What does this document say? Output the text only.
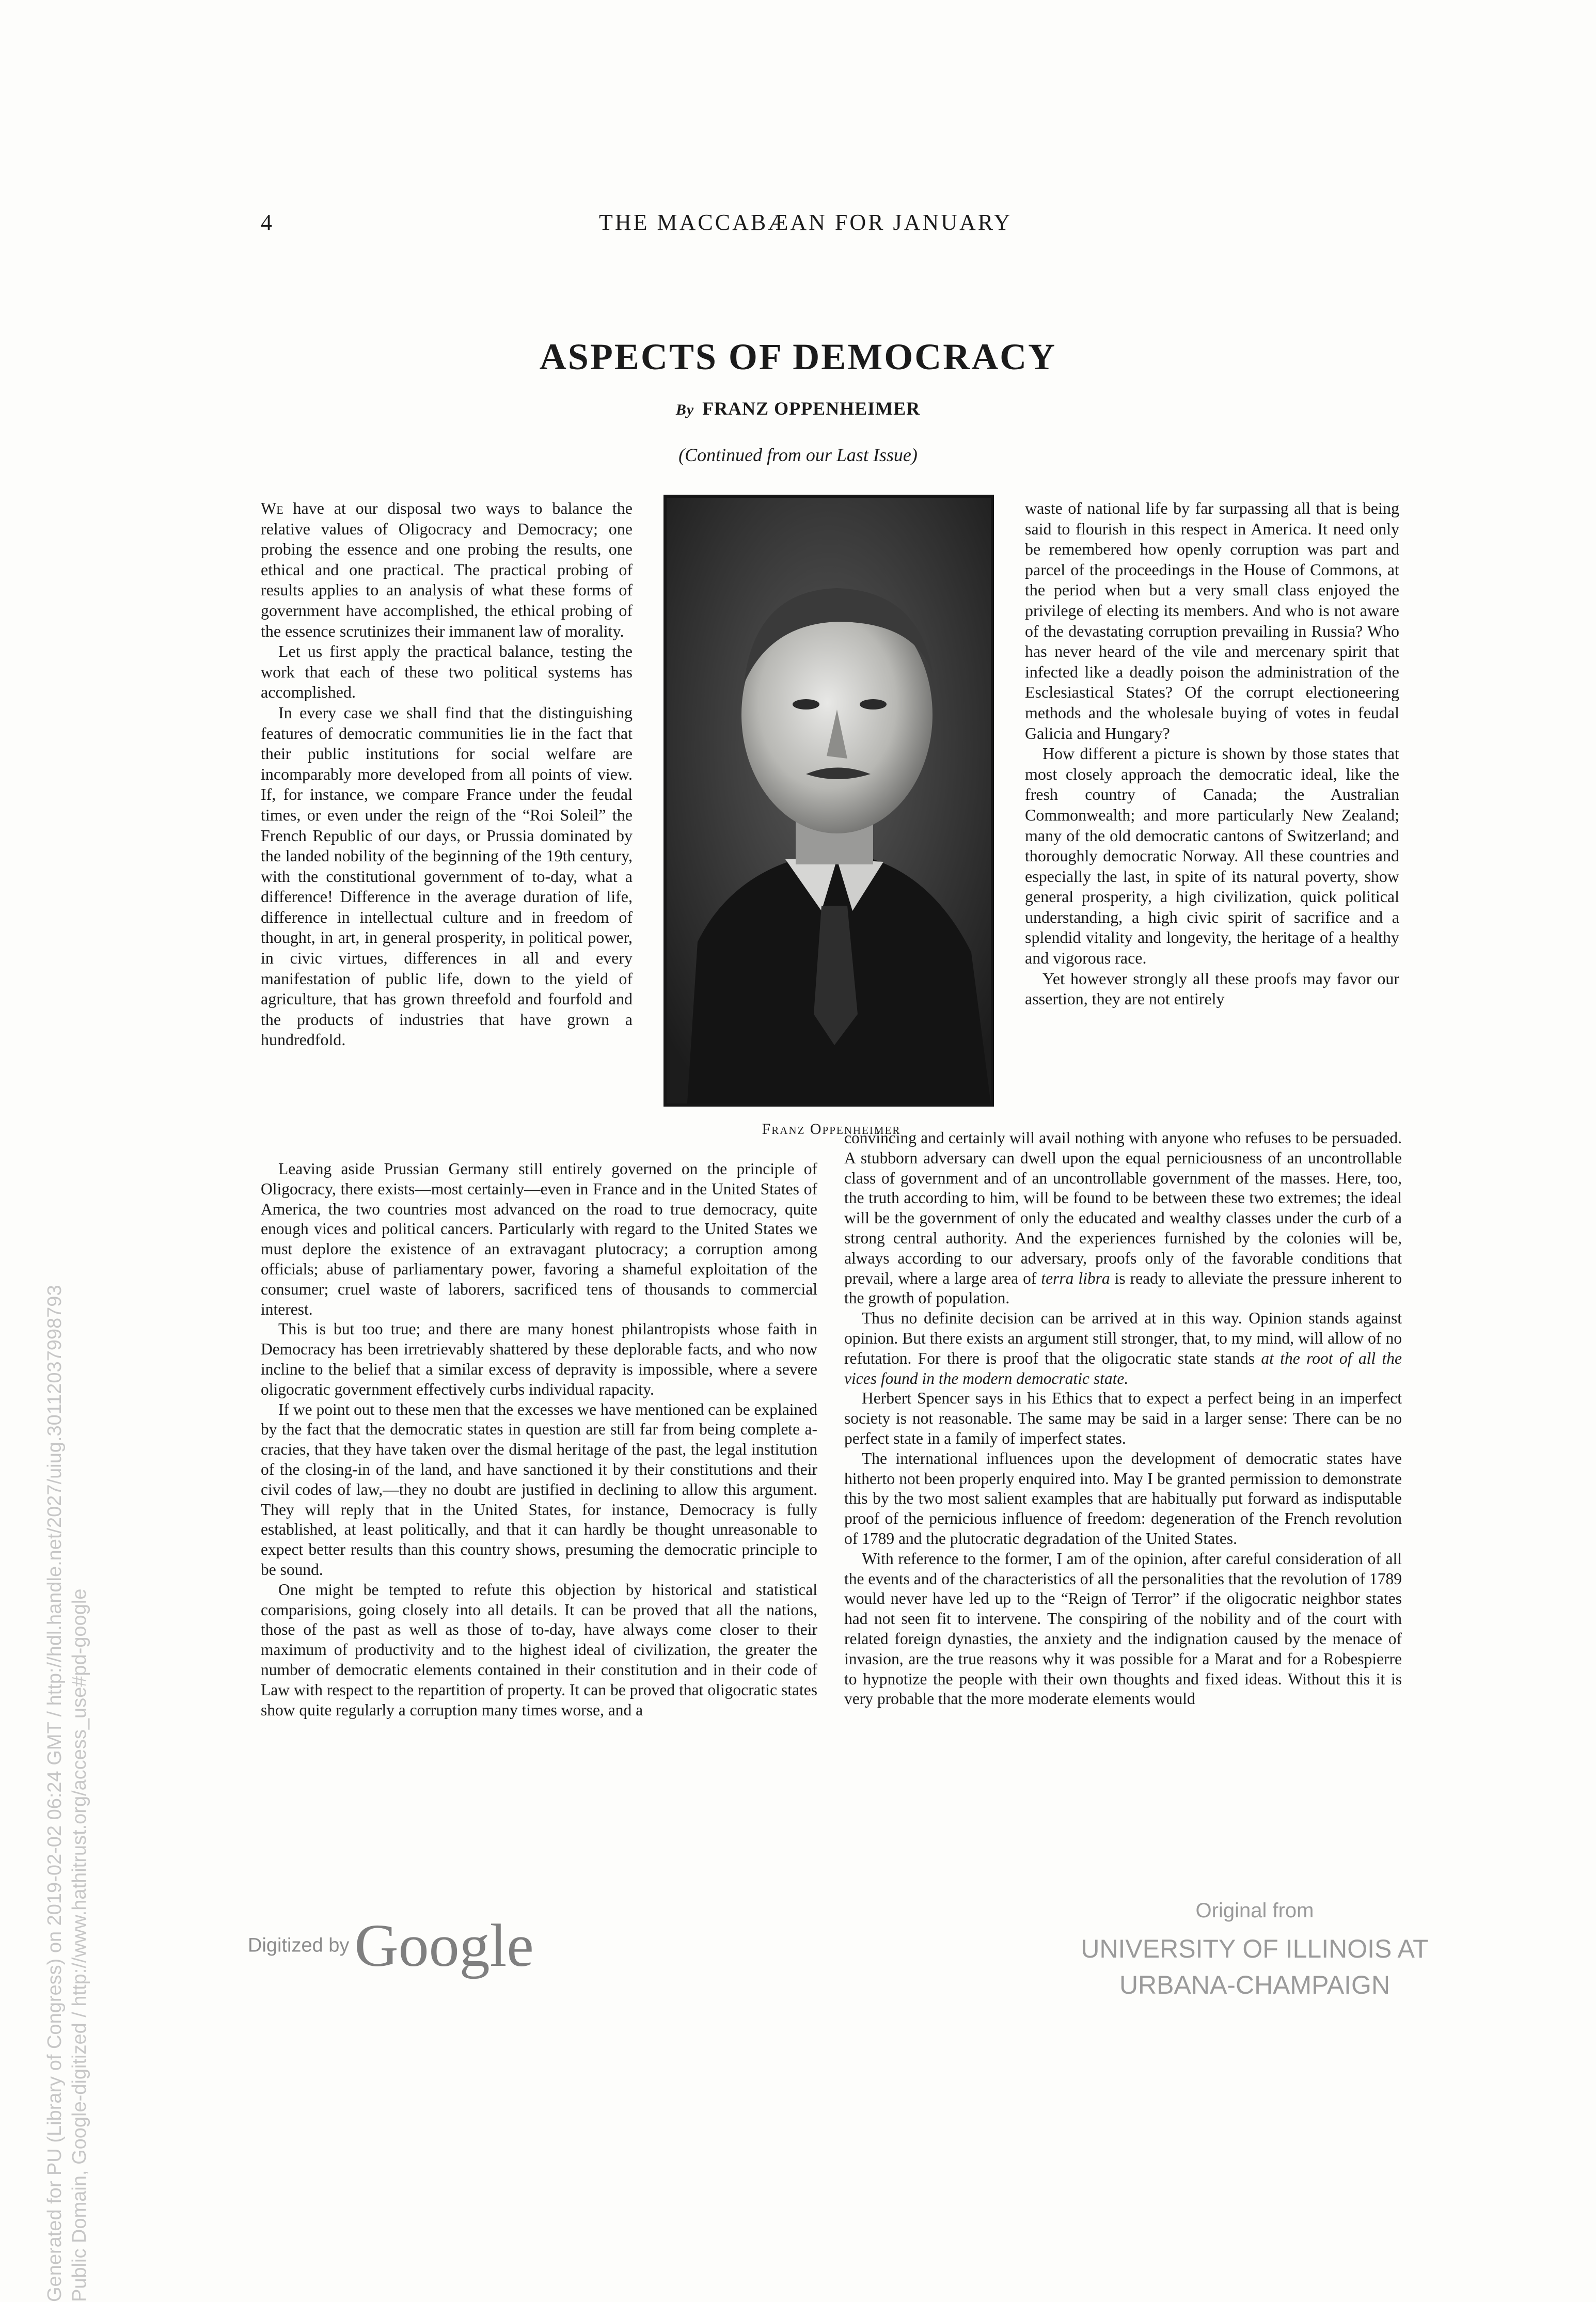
4	THE MACCABÆAN FOR JANUARY
ASPECTS OF DEMOCRACY
By FRANZ OPPENHEIMER
(Continued from our Last Issue)

We have at our disposal two ways to balance the relative values of Oligocracy and Democracy; one probing the essence and one probing the results, one ethical and one practical. The practical probing of results applies to an analysis of what these forms of government have accomplished, the ethical probing of the essence scrutinizes their immanent law of morality.

Let us first apply the practical balance, testing the work that each of these two political systems has accomplished.

In every case we shall find that the distinguishing features of democratic communities lie in the fact that their public institutions for social welfare are incomparably more developed from all points of view. If, for instance, we compare France under the feudal times, or even under the reign of the “Roi Soleil” the French Republic of our days, or Prussia dominated by the landed nobility of the beginning of the 19th century, with the constitutional government of to-day, what a difference! Difference in the average duration of life, difference in intellectual culture and in freedom of thought, in art, in general prosperity, in political power, in civic virtues, differences in all and every manifestation of public life, down to the yield of agriculture, that has grown threefold and fourfold and the products of industries that have grown a hundredfold.

Franz Oppenheimer

waste of national life by far surpassing all that is being said to flourish in this respect in America. It need only be remembered how openly corruption was part and parcel of the proceedings in the House of Commons, at the period when but a very small class enjoyed the privilege of electing its members. And who is not aware of the devastating corruption prevailing in Russia? Who has never heard of the vile and mercenary spirit that infected like a deadly poison the administration of the Esclesiastical States? Of the corrupt electioneering methods and the wholesale buying of votes in feudal Galicia and Hungary?

How different a picture is shown by those states that most closely approach the democratic ideal, like the fresh country of Canada; the Australian Commonwealth; and more particularly New Zealand; many of the old democratic cantons of Switzerland; and thoroughly democratic Norway. All these countries and especially the last, in spite of its natural poverty, show general prosperity, a high civilization, quick political understanding, a high civic spirit of sacrifice and a splendid vitality and longevity, the heritage of a healthy and vigorous race.

Yet however strongly all these proofs may favor our assertion, they are not entirely

Leaving aside Prussian Germany still entirely governed on the principle of Oligocracy, there exists—most certainly—even in France and in the United States of America, the two countries most advanced on the road to true democracy, quite enough vices and political cancers. Particularly with regard to the United States we must deplore the existence of an extravagant plutocracy; a corruption among officials; abuse of parliamentary power, favoring a shameful exploitation of the consumer; cruel waste of laborers, sacrificed tens of thousands to commercial interest.

This is but too true; and there are many honest philantropists whose faith in Democracy has been irretrievably shattered by these deplorable facts, and who now incline to the belief that a similar excess of depravity is impossible, where a severe oligocratic government effectively curbs individual rapacity.

If we point out to these men that the excesses we have mentioned can be explained by the fact that the democratic states in question are still far from being complete a-cracies, that they have taken over the dismal heritage of the past, the legal institution of the closing-in of the land, and have sanctioned it by their constitutions and their civil codes of law,—they no doubt are justified in declining to allow this argument. They will reply that in the United States, for instance, Democracy is fully established, at least politically, and that it can hardly be thought unreasonable to expect better results than this country shows, presuming the democratic principle to be sound.

One might be tempted to refute this objection by historical and statistical comparisions, going closely into all details. It can be proved that all the nations, those of the past as well as those of to-day, have always come closer to their maximum of productivity and to the highest ideal of civilization, the greater the number of democratic elements contained in their constitution and in their code of Law with respect to the repartition of property. It can be proved that oligocratic states show quite regularly a corruption many times worse, and a

convincing and certainly will avail nothing with anyone who refuses to be persuaded. A stubborn adversary can dwell upon the equal perniciousness of an uncontrollable class of government and of an uncontrollable government of the masses. Here, too, the truth according to him, will be found to be between these two extremes; the ideal will be the government of only the educated and wealthy classes under the curb of a strong central authority. And the experiences furnished by the colonies will be, always according to our adversary, proofs only of the favorable conditions that prevail, where a large area of terra libra is ready to alleviate the pressure inherent to the growth of population.

Thus no definite decision can be arrived at in this way. Opinion stands against opinion. But there exists an argument still stronger, that, to my mind, will allow of no refutation. For there is proof that the oligocratic state stands at the root of all the vices found in the modern democratic state.

Herbert Spencer says in his Ethics that to expect a perfect being in an imperfect society is not reasonable. The same may be said in a larger sense: There can be no perfect state in a family of imperfect states.

The international influences upon the development of democratic states have hitherto not been properly enquired into. May I be granted permission to demonstrate this by the two most salient examples that are habitually put forward as indisputable proof of the pernicious influence of freedom: degeneration of the French revolution of 1789 and the plutocratic degradation of the United States.

With reference to the former, I am of the opinion, after careful consideration of all the events and of the characteristics of all the personalities that the revolution of 1789 would never have led up to the “Reign of Terror” if the oligocratic neighbor states had not seen fit to intervene. The conspiring of the nobility and of the court with related foreign dynasties, the anxiety and the indignation caused by the menace of invasion, are the true reasons why it was possible for a Marat and for a Robespierre to hypnotize the people with their own thoughts and fixed ideas. Without this it is very probable that the more moderate elements would

Digitized byGoogle
Original from
UNIVERSITY OF ILLINOIS AT
URBANA-CHAMPAIGN
Generated for PU (Library of Congress) on 2019-02-02 06:24 GMT / http://hdl.handle.net/2027/uiug.30112037998793 Public Domain, Google-digitized / http://www.hathitrust.org/access_use#pd-google
